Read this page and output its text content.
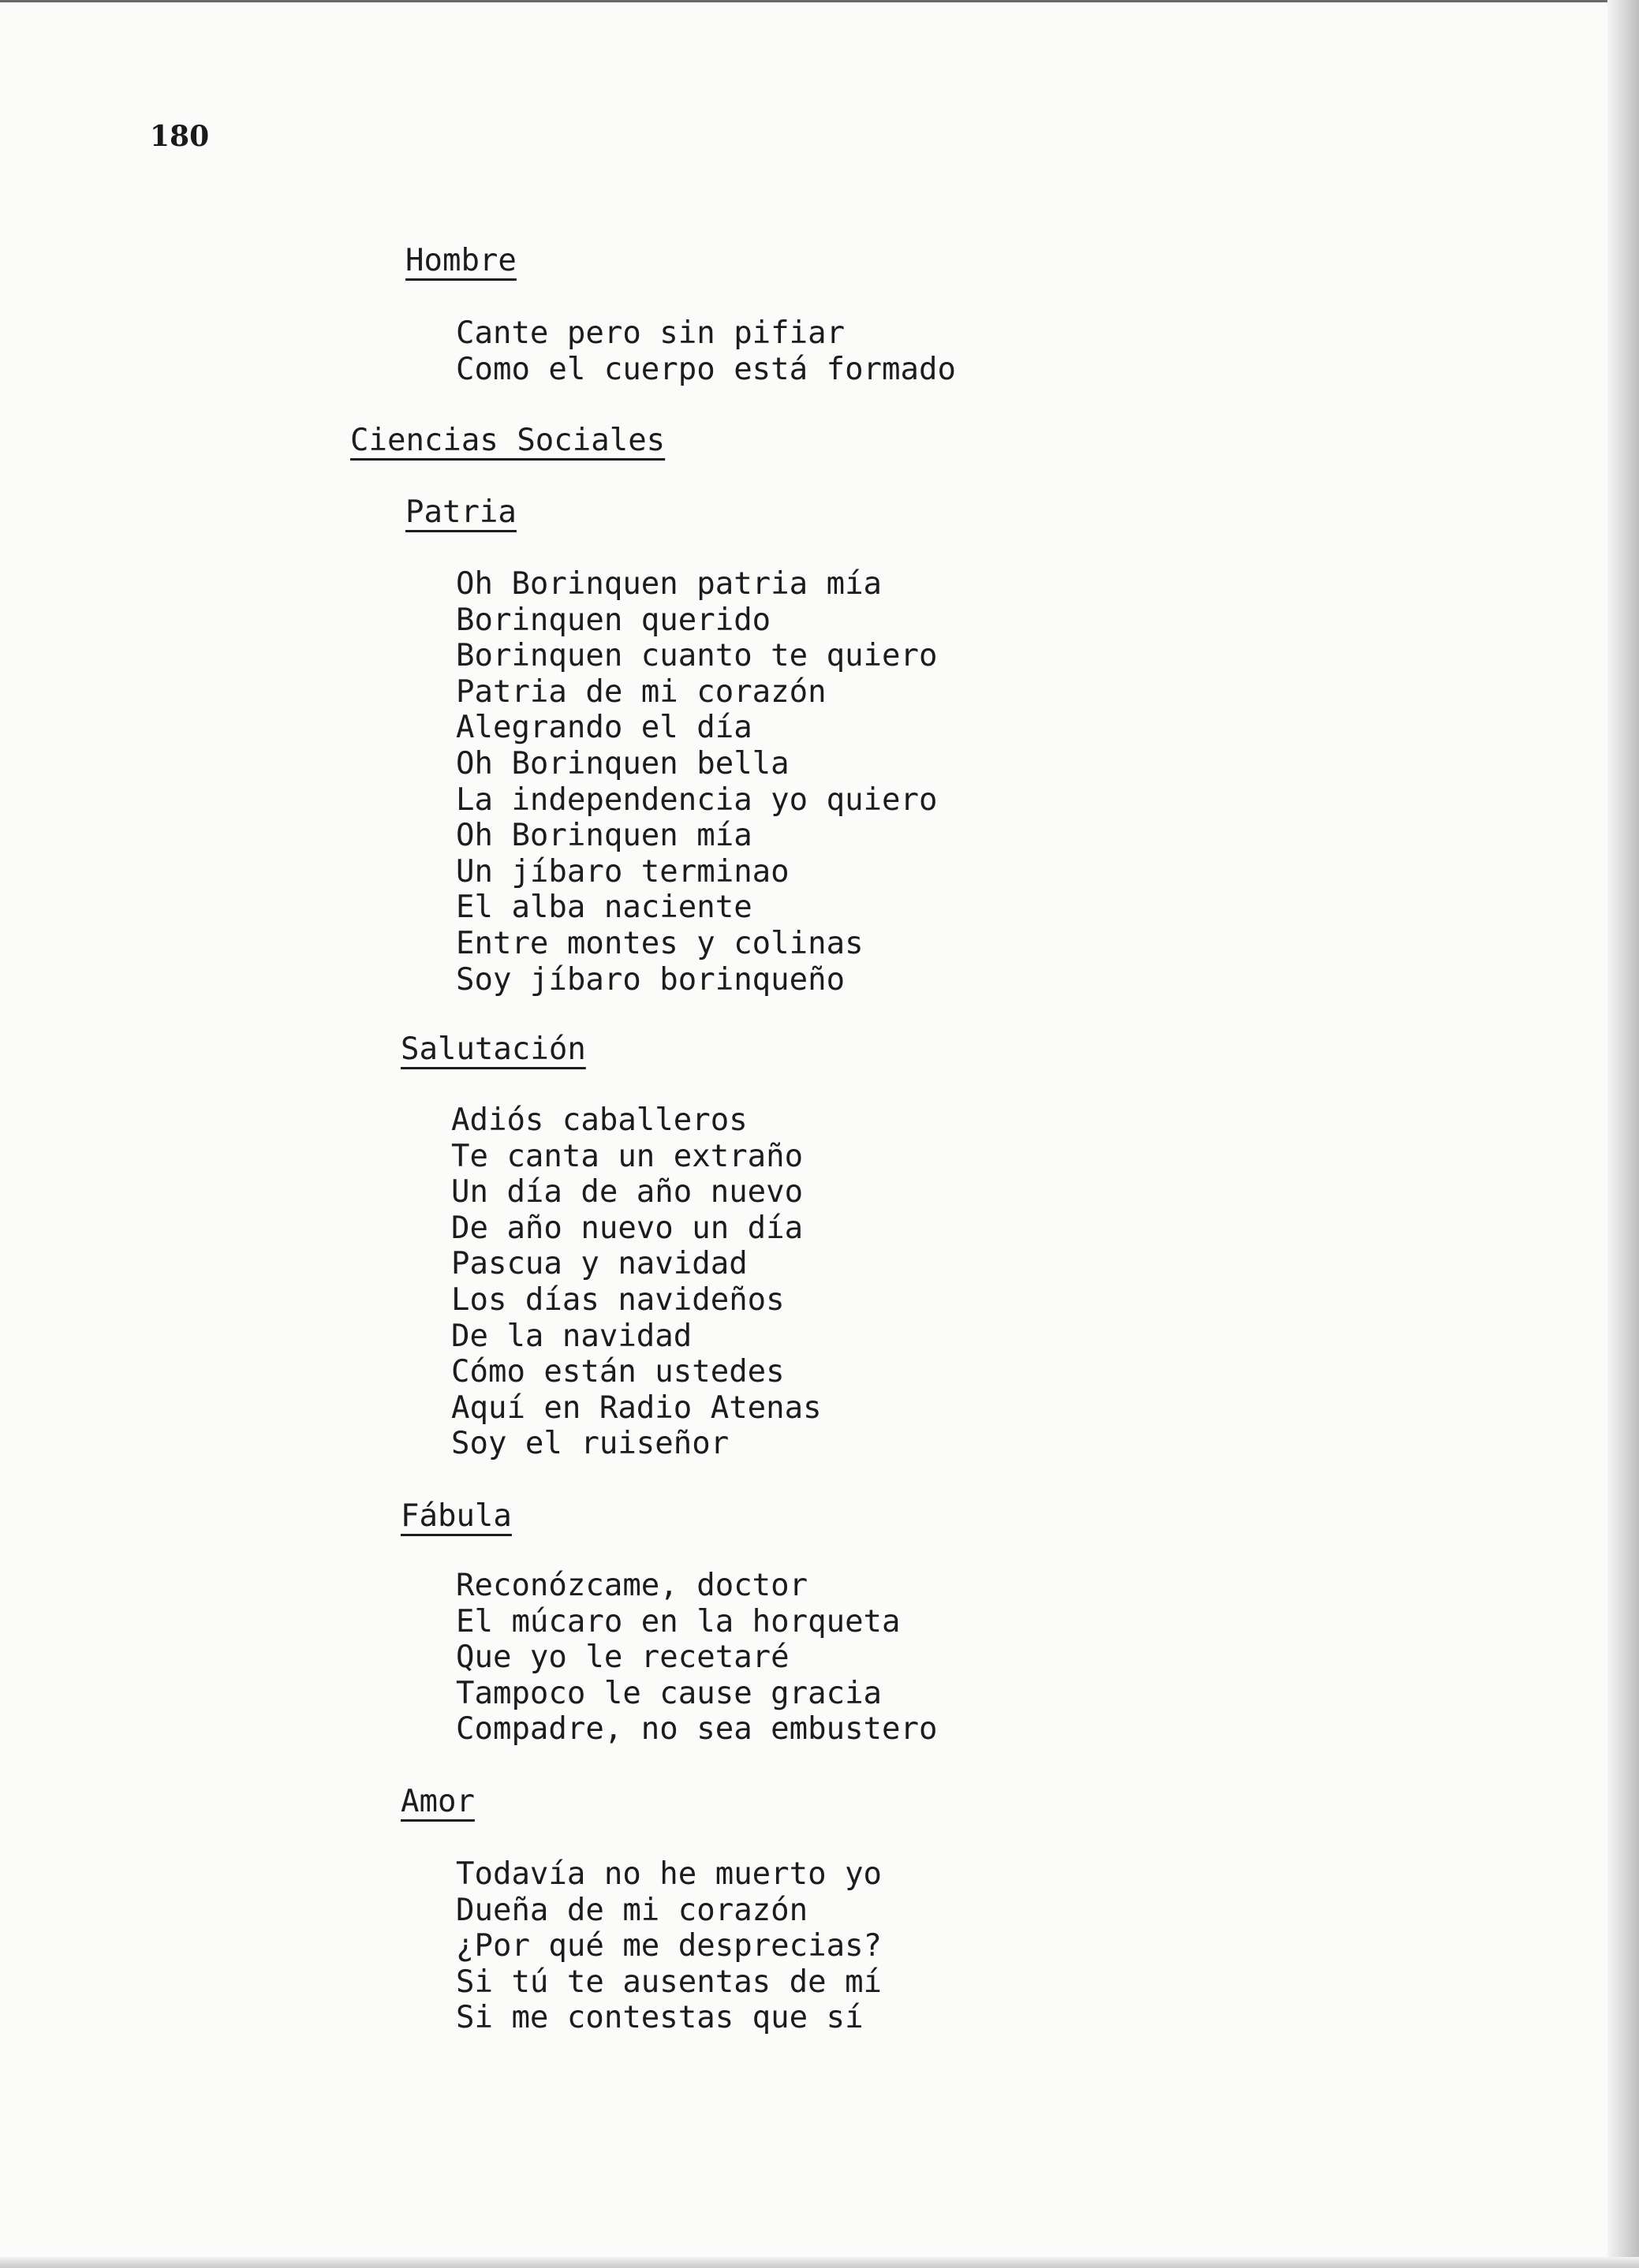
180
Hombre
Cante pero sin pifiar
Como el cuerpo está formado
Ciencias Sociales
Patria
Oh Borinquen patria mía
Borinquen querido
Borinquen cuanto te quiero
Patria de mi corazón
Alegrando el día
Oh Borinquen bella
La independencia yo quiero
Oh Borinquen mía
Un jíbaro terminao
El alba naciente
Entre montes y colinas
Soy jíbaro borinqueño
Salutación
Adiós caballeros
Te canta un extraño
Un día de año nuevo
De año nuevo un día
Pascua y navidad
Los días navideños
De la navidad
Cómo están ustedes
Aquí en Radio Atenas
Soy el ruiseñor
Fábula
Reconózcame, doctor
El múcaro en la horqueta
Que yo le recetaré
Tampoco le cause gracia
Compadre, no sea embustero
Amor
Todavía no he muerto yo
Dueña de mi corazón
¿Por qué me desprecias?
Si tú te ausentas de mí
Si me contestas que sí
